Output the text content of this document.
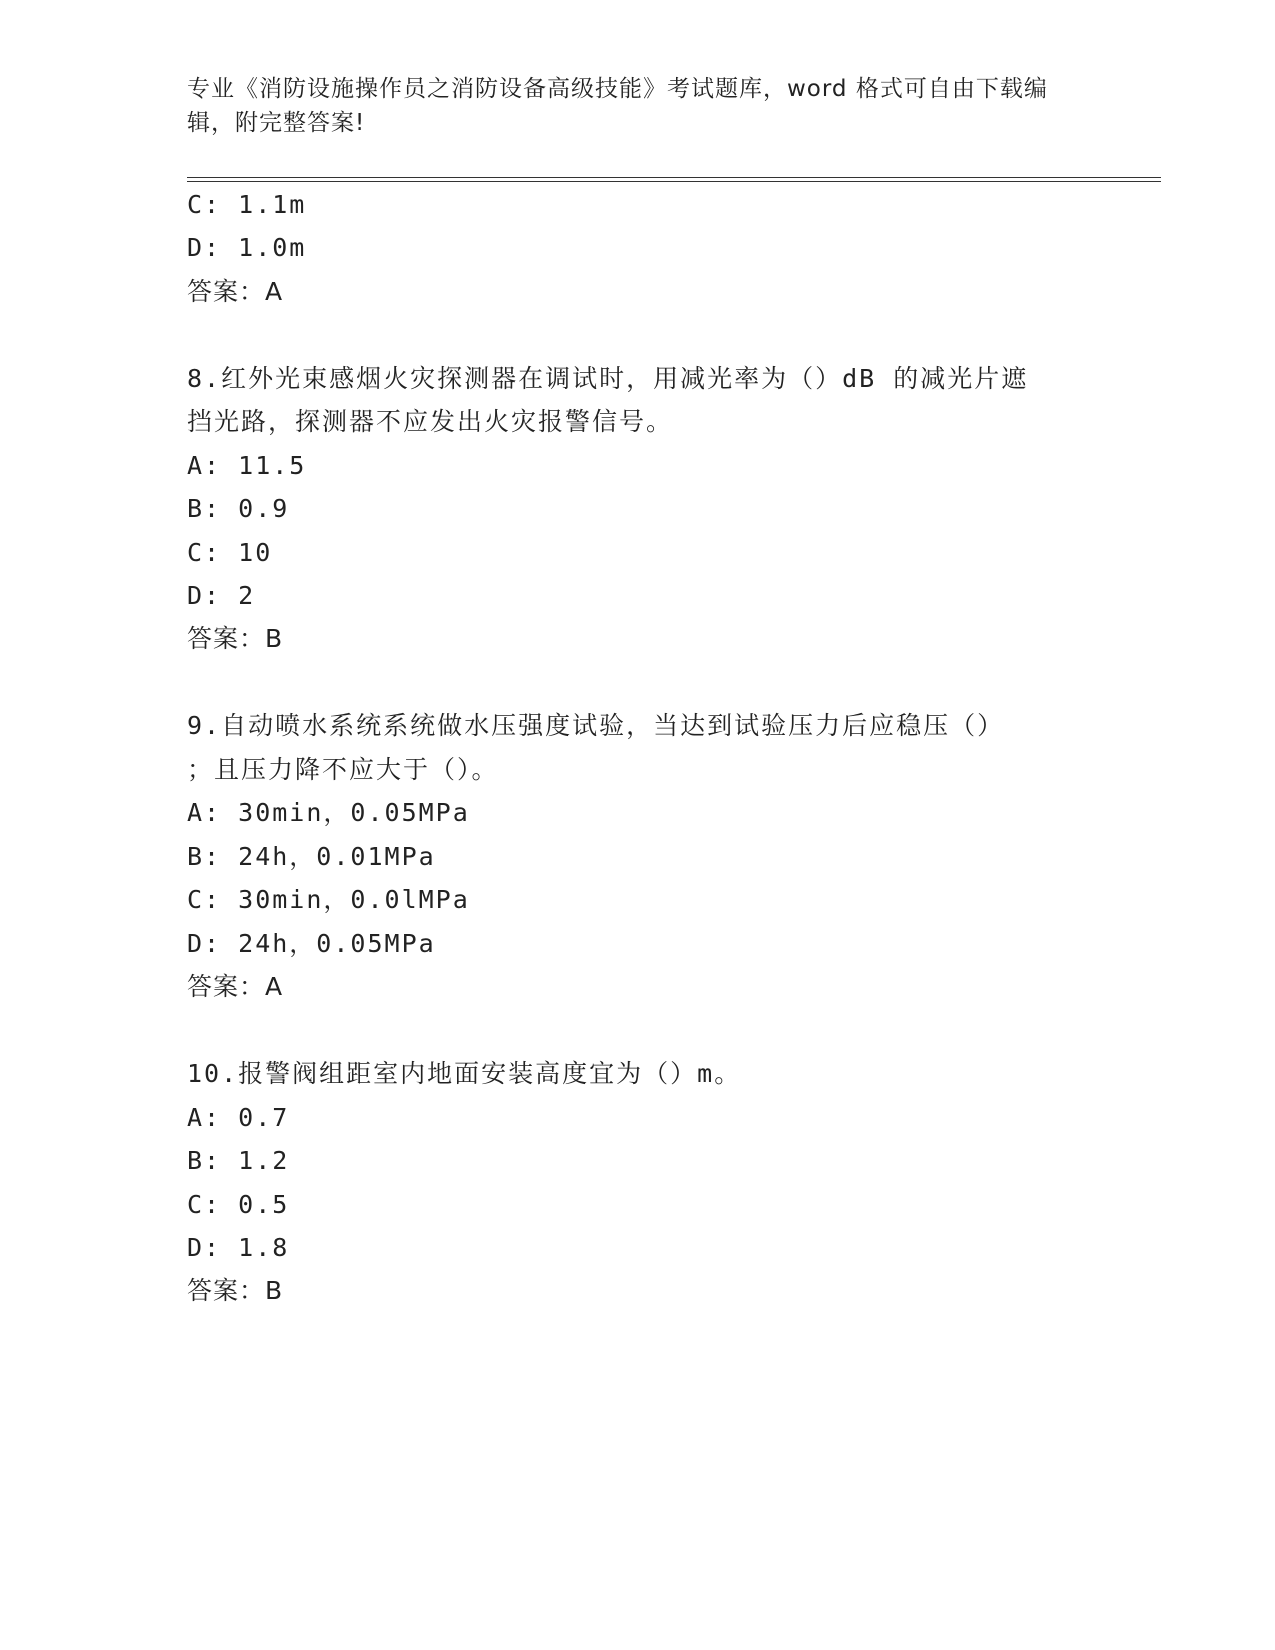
专业《消防设施操作员之消防设备高级技能》考试题库，word 格式可自由下载编辑，附完整答案!
C: 1.1m
D: 1.0m
答案：A
8.红外光束感烟火灾探测器在调试时，用减光率为（）dB 的减光片遮
挡光路，探测器不应发出火灾报警信号。
A: 11.5
B: 0.9
C: 10
D: 2
答案：B
9.自动喷水系统系统做水压强度试验，当达到试验压力后应稳压（）
；且压力降不应大于（）。
A: 30min，0.05MPa
B: 24h，0.01MPa
C: 30min，0.0lMPa
D: 24h，0.05MPa
答案：A
10.报警阀组距室内地面安装高度宜为（）m。
A: 0.7
B: 1.2
C: 0.5
D: 1.8
答案：B
